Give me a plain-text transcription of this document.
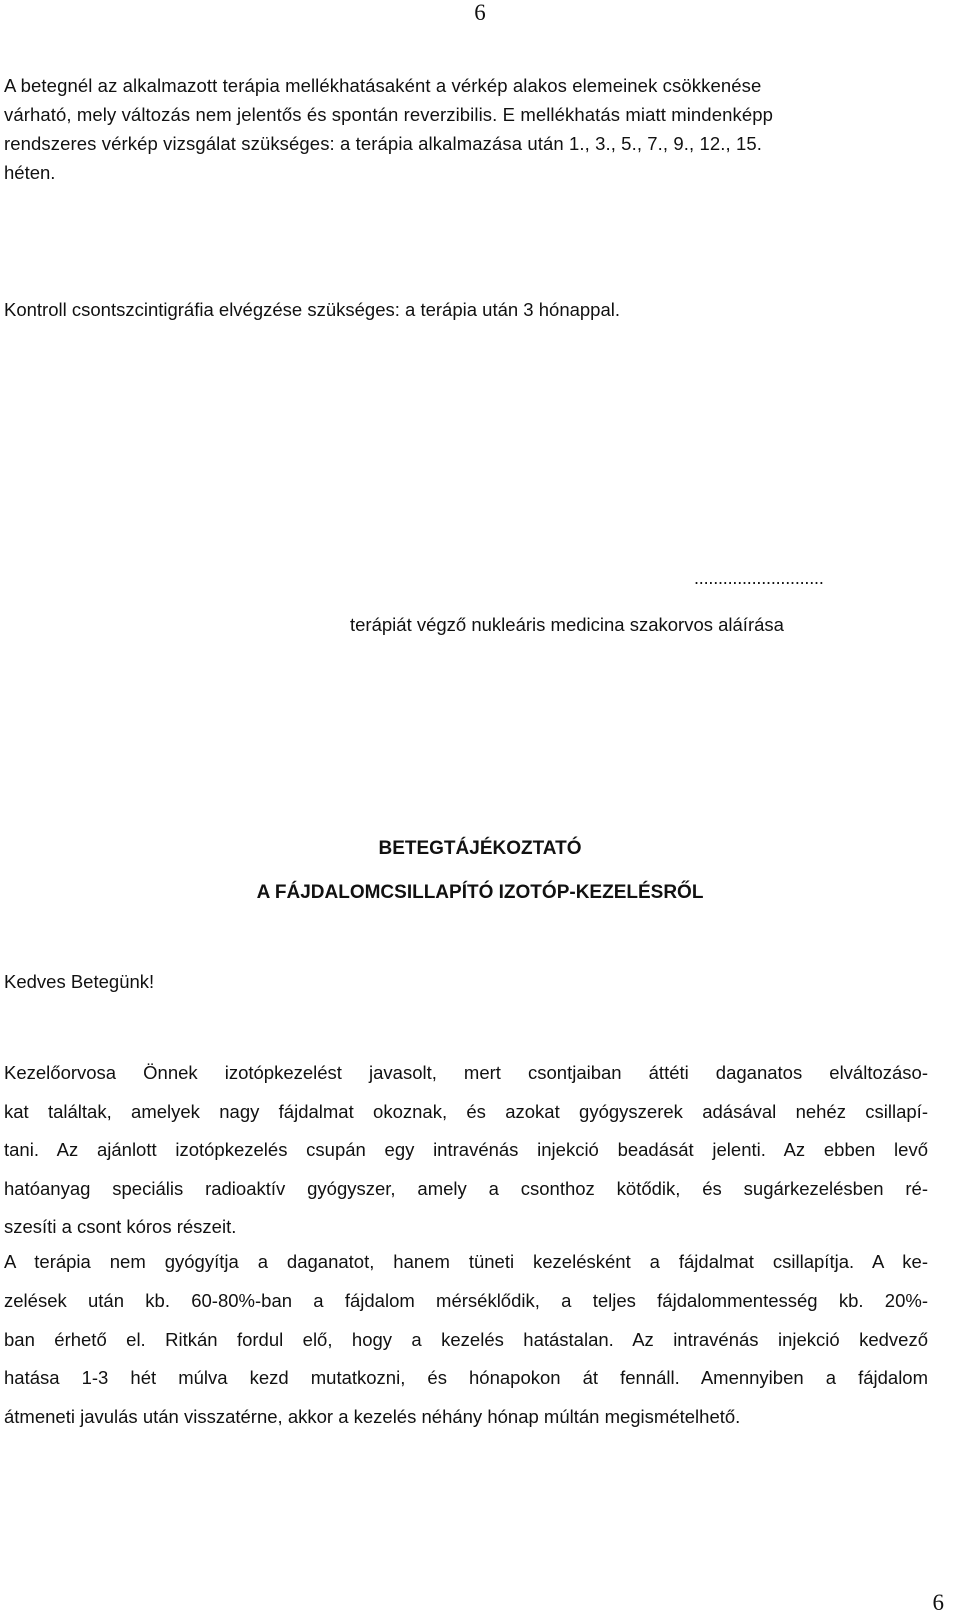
6
A betegnél az alkalmazott terápia mellékhatásaként a vérkép alakos elemeinek csökkenése
várható, mely változás nem jelentős és spontán reverzibilis. E mellékhatás miatt mindenképp
rendszeres vérkép vizsgálat szükséges: a terápia alkalmazása után 1., 3., 5., 7., 9., 12., 15.
héten.
Kontroll csontszcintigráfia elvégzése szükséges: a terápia után 3 hónappal.
...........................
terápiát végző nukleáris medicina szakorvos aláírása
BETEGTÁJÉKOZTATÓ
A FÁJDALOMCSILLAPÍTÓ IZOTÓP-KEZELÉSRŐL
Kedves Betegünk!
Kezelőorvosa Önnek izotópkezelést javasolt, mert csontjaiban áttéti daganatos elváltozáso-
kat találtak, amelyek nagy fájdalmat okoznak, és azokat gyógyszerek adásával nehéz csillapí-
tani. Az ajánlott izotópkezelés csupán egy intravénás injekció beadását jelenti. Az ebben levő
hatóanyag speciális radioaktív gyógyszer, amely a csonthoz kötődik, és sugárkezelésben ré-
szesíti a csont kóros részeit.
A terápia nem gyógyítja a daganatot, hanem tüneti kezelésként a fájdalmat csillapítja. A ke-
zelések után kb. 60-80%-ban a fájdalom mérséklődik, a teljes fájdalommentesség kb. 20%-
ban érhető el. Ritkán fordul elő, hogy a kezelés hatástalan. Az intravénás injekció kedvező
hatása 1-3 hét múlva kezd mutatkozni, és hónapokon át fennáll. Amennyiben a fájdalom
átmeneti javulás után visszatérne, akkor a kezelés néhány hónap múltán megismételhető.
6
